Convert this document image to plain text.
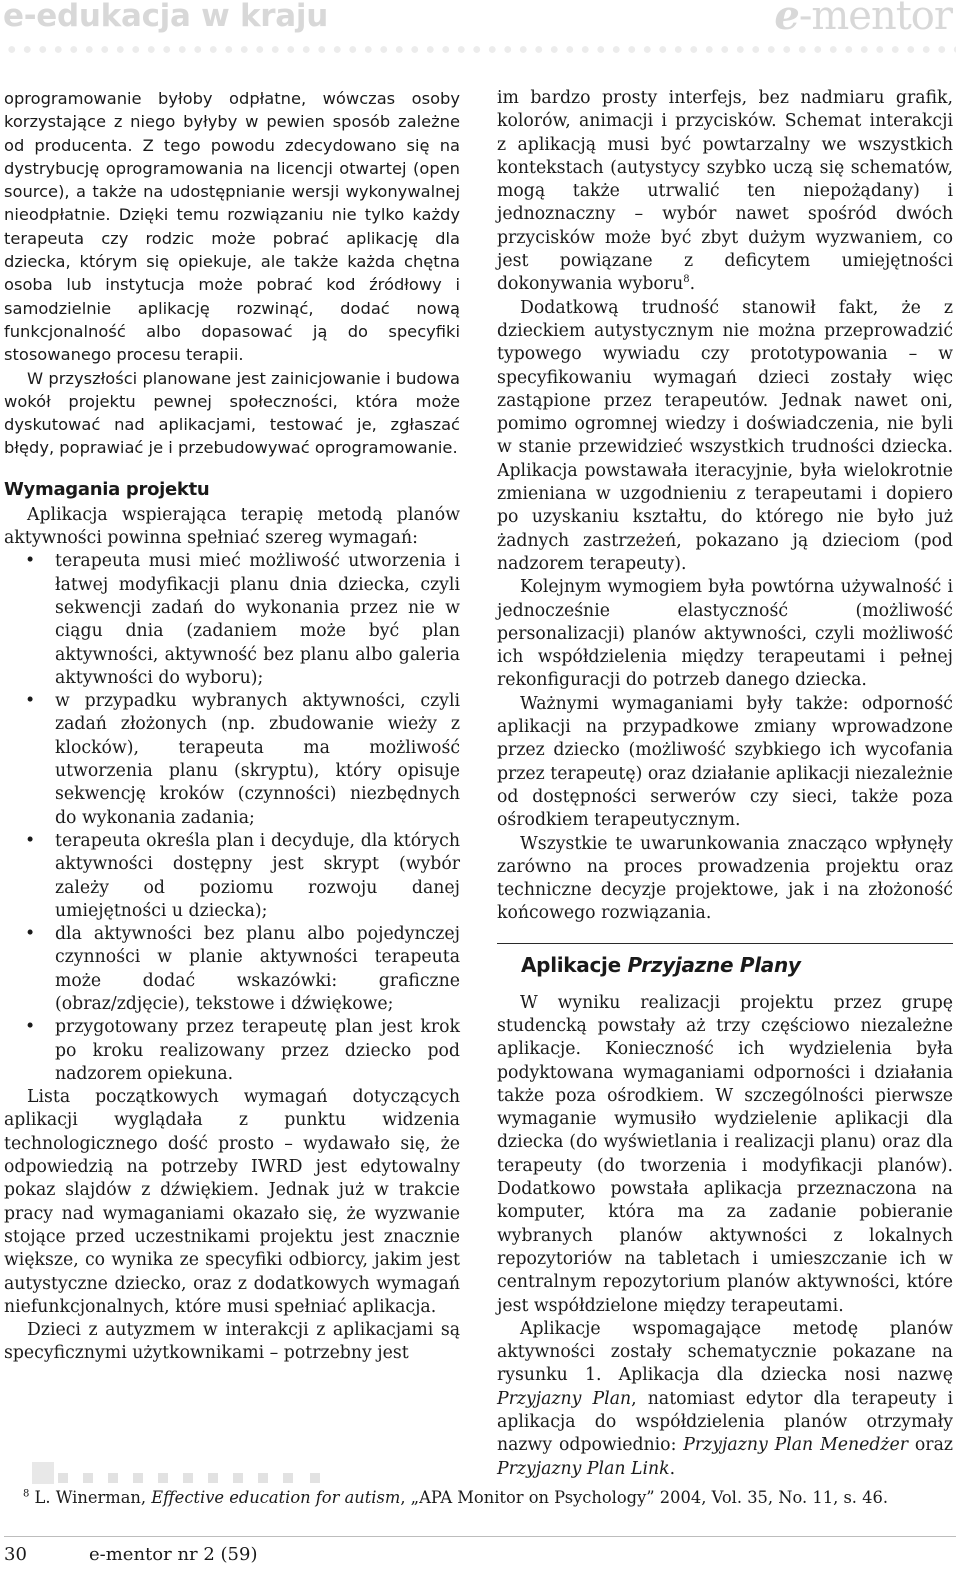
e-edukacja w kraju	e-mentor

oprogramowanie byłoby odpłatne, wówczas osoby korzystające z niego byłyby w pewien sposób zależne od producenta. Z tego powodu zdecydowano się na dystrybucję oprogramowania na licencji otwartej (open source), a także na udostępnianie wersji wykonywalnej nieodpłatnie. Dzięki temu rozwiązaniu nie tylko każdy terapeuta czy rodzic może pobrać aplikację dla dziecka, którym się opiekuje, ale także każda chętna osoba lub instytucja może pobrać kod źródłowy i samodzielnie aplikację rozwinąć, dodać nową funkcjonalność albo dopasować ją do specyfiki stosowanego procesu terapii.

W przyszłości planowane jest zainicjowanie i budowa wokół projektu pewnej społeczności, która może dyskutować nad aplikacjami, testować je, zgłaszać błędy, poprawiać je i przebudowywać oprogramowanie.

Wymagania projektu

Aplikacja wspierająca terapię metodą planów aktywności powinna spełniać szereg wymagań:

• terapeuta musi mieć możliwość utworzenia i łatwej modyfikacji planu dnia dziecka, czyli sekwencji zadań do wykonania przez nie w ciągu dnia (zadaniem może być plan aktywności, aktywność bez planu albo galeria aktywności do wyboru);
• w przypadku wybranych aktywności, czyli zadań złożonych (np. zbudowanie wieży z klocków), terapeuta ma możliwość utworzenia planu (skryptu), który opisuje sekwencję kroków (czynności) niezbędnych do wykonania zadania;
• terapeuta określa plan i decyduje, dla których aktywności dostępny jest skrypt (wybór zależy od poziomu rozwoju danej umiejętności u dziecka);
• dla aktywności bez planu albo pojedynczej czynności w planie aktywności terapeuta może dodać wskazówki: graficzne (obraz/zdjęcie), tekstowe i dźwiękowe;
• przygotowany przez terapeutę plan jest krok po kroku realizowany przez dziecko pod nadzorem opiekuna.

Lista początkowych wymagań dotyczących aplikacji wyglądała z punktu widzenia technologicznego dość prosto – wydawało się, że odpowiedzią na potrzeby IWRD jest edytowalny pokaz slajdów z dźwiękiem. Jednak już w trakcie pracy nad wymaganiami okazało się, że wyzwanie stojące przed uczestnikami projektu jest znacznie większe, co wynika ze specyfiki odbiorcy, jakim jest autystyczne dziecko, oraz z dodatkowych wymagań niefunkcjonalnych, które musi spełniać aplikacja.

Dzieci z autyzmem w interakcji z aplikacjami są specyficznymi użytkownikami – potrzebny jest

im bardzo prosty interfejs, bez nadmiaru grafik, kolorów, animacji i przycisków. Schemat interakcji z aplikacją musi być powtarzalny we wszystkich kontekstach (autystycy szybko uczą się schematów, mogą także utrwalić ten niepożądany) i jednoznaczny – wybór nawet spośród dwóch przycisków może być zbyt dużym wyzwaniem, co jest powiązane z deficytem umiejętności dokonywania wyboru$^8$.

Dodatkową trudność stanowił fakt, że z dzieckiem autystycznym nie można przeprowadzić typowego wywiadu czy prototypowania – w specyfikowaniu wymagań dzieci zostały więc zastąpione przez terapeutów. Jednak nawet oni, pomimo ogromnej wiedzy i doświadczenia, nie byli w stanie przewidzieć wszystkich trudności dziecka. Aplikacja powstawała iteracyjnie, była wielokrotnie zmieniana w uzgodnieniu z terapeutami i dopiero po uzyskaniu kształtu, do którego nie było już żadnych zastrzeżeń, pokazano ją dzieciom (pod nadzorem terapeuty).

Kolejnym wymogiem była powtórna używalność i jednocześnie elastyczność (możliwość personalizacji) planów aktywności, czyli możliwość ich współdzielenia między terapeutami i pełnej rekonfiguracji do potrzeb danego dziecka.

Ważnymi wymaganiami były także: odporność aplikacji na przypadkowe zmiany wprowadzone przez dziecko (możliwość szybkiego ich wycofania przez terapeutę) oraz działanie aplikacji niezależnie od dostępności serwerów czy sieci, także poza ośrodkiem terapeutycznym.

Wszystkie te uwarunkowania znacząco wpłynęły zarówno na proces prowadzenia projektu oraz techniczne decyzje projektowe, jak i na złożoność końcowego rozwiązania.

Aplikacje Przyjazne Plany

W wyniku realizacji projektu przez grupę studencką powstały aż trzy częściowo niezależne aplikacje. Konieczność ich wydzielenia była podyktowana wymaganiami odporności i działania także poza ośrodkiem. W szczególności pierwsze wymaganie wymusiło wydzielenie aplikacji dla dziecka (do wyświetlania i realizacji planu) oraz dla terapeuty (do tworzenia i modyfikacji planów). Dodatkowo powstała aplikacja przeznaczona na komputer, która ma za zadanie pobieranie wybranych planów aktywności z lokalnych repozytoriów na tabletach i umieszczanie ich w centralnym repozytorium planów aktywności, które jest współdzielone między terapeutami.

Aplikacje wspomagające metodę planów aktywności zostały schematycznie pokazane na rysunku 1. Aplikacja dla dziecka nosi nazwę Przyjazny Plan, natomiast edytor dla terapeuty i aplikacja do współdzielenia planów otrzymały nazwy odpowiednio: Przyjazny Plan Menedżer oraz Przyjazny Plan Link.

$^8$ L. Winerman, Effective education for autism, „APA Monitor on Psychology” 2004, Vol. 35, No. 11, s. 46.
30	e-mentor nr 2 (59)
